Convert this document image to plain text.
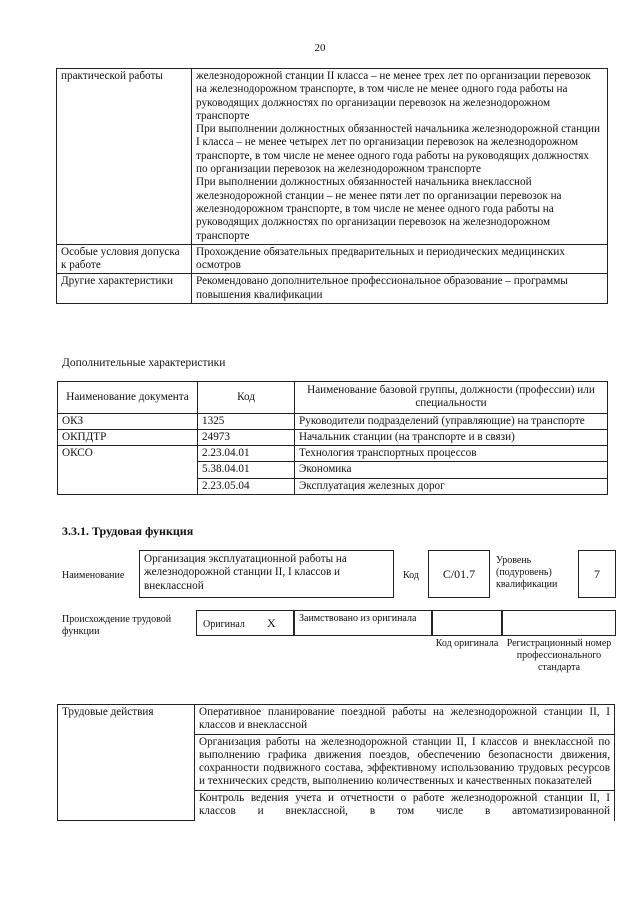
20
практической работы	железнодорожной станции II класса – не менее трех лет по организации перевозок на железнодорожном транспорте, в том числе не менее одного года работы на руководящих должностях по организации перевозок на железнодорожном транспорте

При выполнении должностных обязанностей начальника железнодорожной станции I класса – не менее четырех лет по организации перевозок на железнодорожном транспорте, в том числе не менее одного года работы на руководящих должностях по организации перевозок на железнодорожном транспорте

При выполнении должностных обязанностей начальника внеклассной железнодорожной станции – не менее пяти лет по организации перевозок на железнодорожном транспорте, в том числе не менее одного года работы на руководящих должностях по организации перевозок на железнодорожном транспорте

Особые условия допуска к работе	Прохождение обязательных предварительных и периодических медицинских осмотров
Другие характеристики	Рекомендовано дополнительное профессиональное образование – программы повышения квалификации
Дополнительные характеристики
Наименование документа	Код	Наименование базовой группы, должности (профессии) или специальности
ОКЗ	1325	Руководители подразделений (управляющие) на транспорте
ОКПДТР	24973	Начальник станции (на транспорте и в связи)
ОКСО	2.23.04.01	Технология транспортных процессов
	5.38.04.01	Экономика
	2.23.05.04	Эксплуатация железных дорог
3.3.1. Трудовая функция
Наименование
Организация эксплуатационной работы на железнодорожной станции II, I классов и внеклассной
Код	C/01.7
Уровень (подуровень) квалификации
7
Происхождение трудовой функции
Оригинал X	Заимствовано из оригинала
Код оригинала Регистрационный номер профессионального стандарта
Трудовые действия	Оперативное планирование поездной работы на железнодорожной станции II, I классов и внеклассной
Организация работы на железнодорожной станции II, I классов и внеклассной по выполнению графика движения поездов, обеспечению безопасности движения, сохранности подвижного состава, эффективному использованию трудовых ресурсов и технических средств, выполнению количественных и качественных показателей
Контроль ведения учета и отчетности о работе железнодорожной станции II, I классов и внеклассной, в том числе в автоматизированной
